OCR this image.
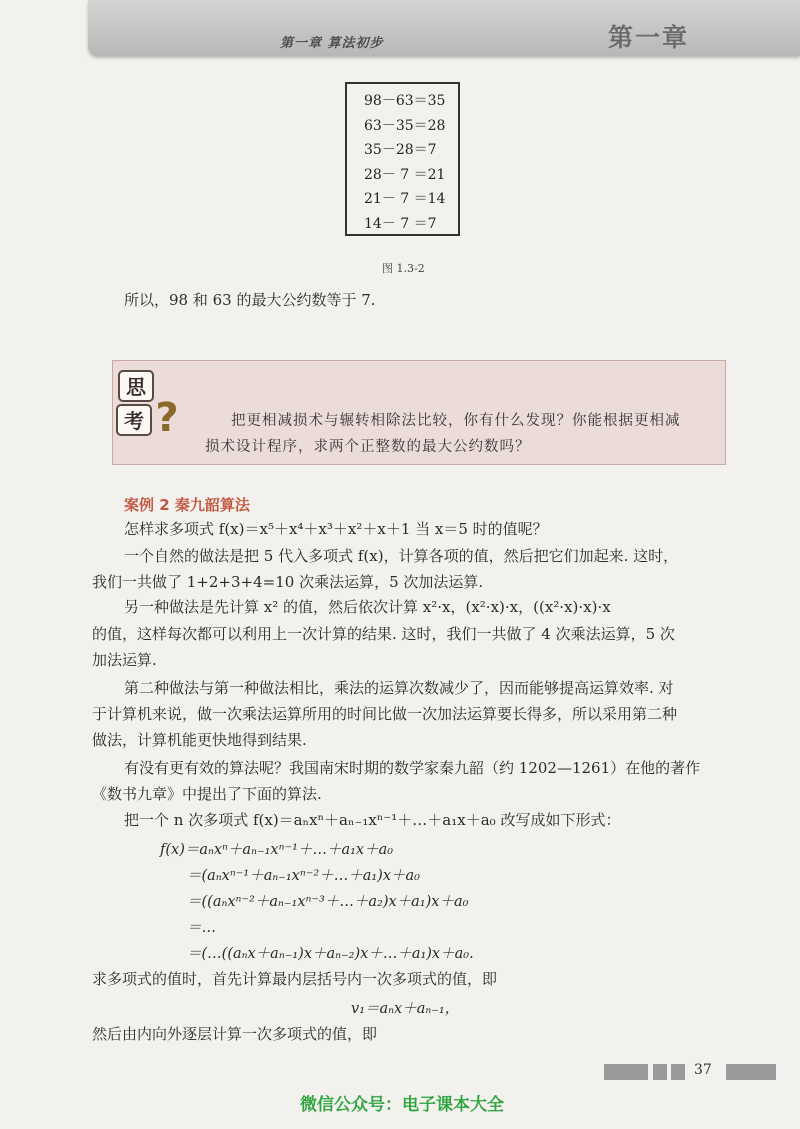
第一章 算法初步	第一章
98－63＝35
63－35＝28
35－28＝7
28－ 7 ＝21
21－ 7 ＝14
14－ 7 ＝7
图 1.3-2
所以，98 和 63 的最大公约数等于 7.
思
考 ?	把更相减损术与辗转相除法比较，你有什么发现？你能根据更相减
损术设计程序，求两个正整数的最大公约数吗？
案例 2 秦九韶算法
怎样求多项式 f(x)＝x⁵＋x⁴＋x³＋x²＋x＋1 当 x＝5 时的值呢？
一个自然的做法是把 5 代入多项式 f(x)，计算各项的值，然后把它们加起来. 这时，
我们一共做了 1+2+3+4=10 次乘法运算，5 次加法运算.
另一种做法是先计算 x² 的值，然后依次计算 x²·x，(x²·x)·x，((x²·x)·x)·x
的值，这样每次都可以利用上一次计算的结果. 这时，我们一共做了 4 次乘法运算，5 次
加法运算.
第二种做法与第一种做法相比，乘法的运算次数减少了，因而能够提高运算效率. 对
于计算机来说，做一次乘法运算所用的时间比做一次加法运算要长得多，所以采用第二种
做法，计算机能更快地得到结果.
有没有更有效的算法呢？我国南宋时期的数学家秦九韶（约 1202—1261）在他的著作
《数书九章》中提出了下面的算法.
把一个 n 次多项式 f(x)＝aₙxⁿ＋aₙ₋₁xⁿ⁻¹＋…＋a₁x＋a₀ 改写成如下形式：
f(x)＝aₙxⁿ＋aₙ₋₁xⁿ⁻¹＋…＋a₁x＋a₀
＝(aₙxⁿ⁻¹＋aₙ₋₁xⁿ⁻²＋…＋a₁)x＋a₀
＝((aₙxⁿ⁻²＋aₙ₋₁xⁿ⁻³＋…＋a₂)x＋a₁)x＋a₀
＝…
＝(…((aₙx＋aₙ₋₁)x＋aₙ₋₂)x＋…＋a₁)x＋a₀.
求多项式的值时，首先计算最内层括号内一次多项式的值，即
v₁＝aₙx＋aₙ₋₁，
然后由内向外逐层计算一次多项式的值，即
37
微信公众号：电子课本大全
